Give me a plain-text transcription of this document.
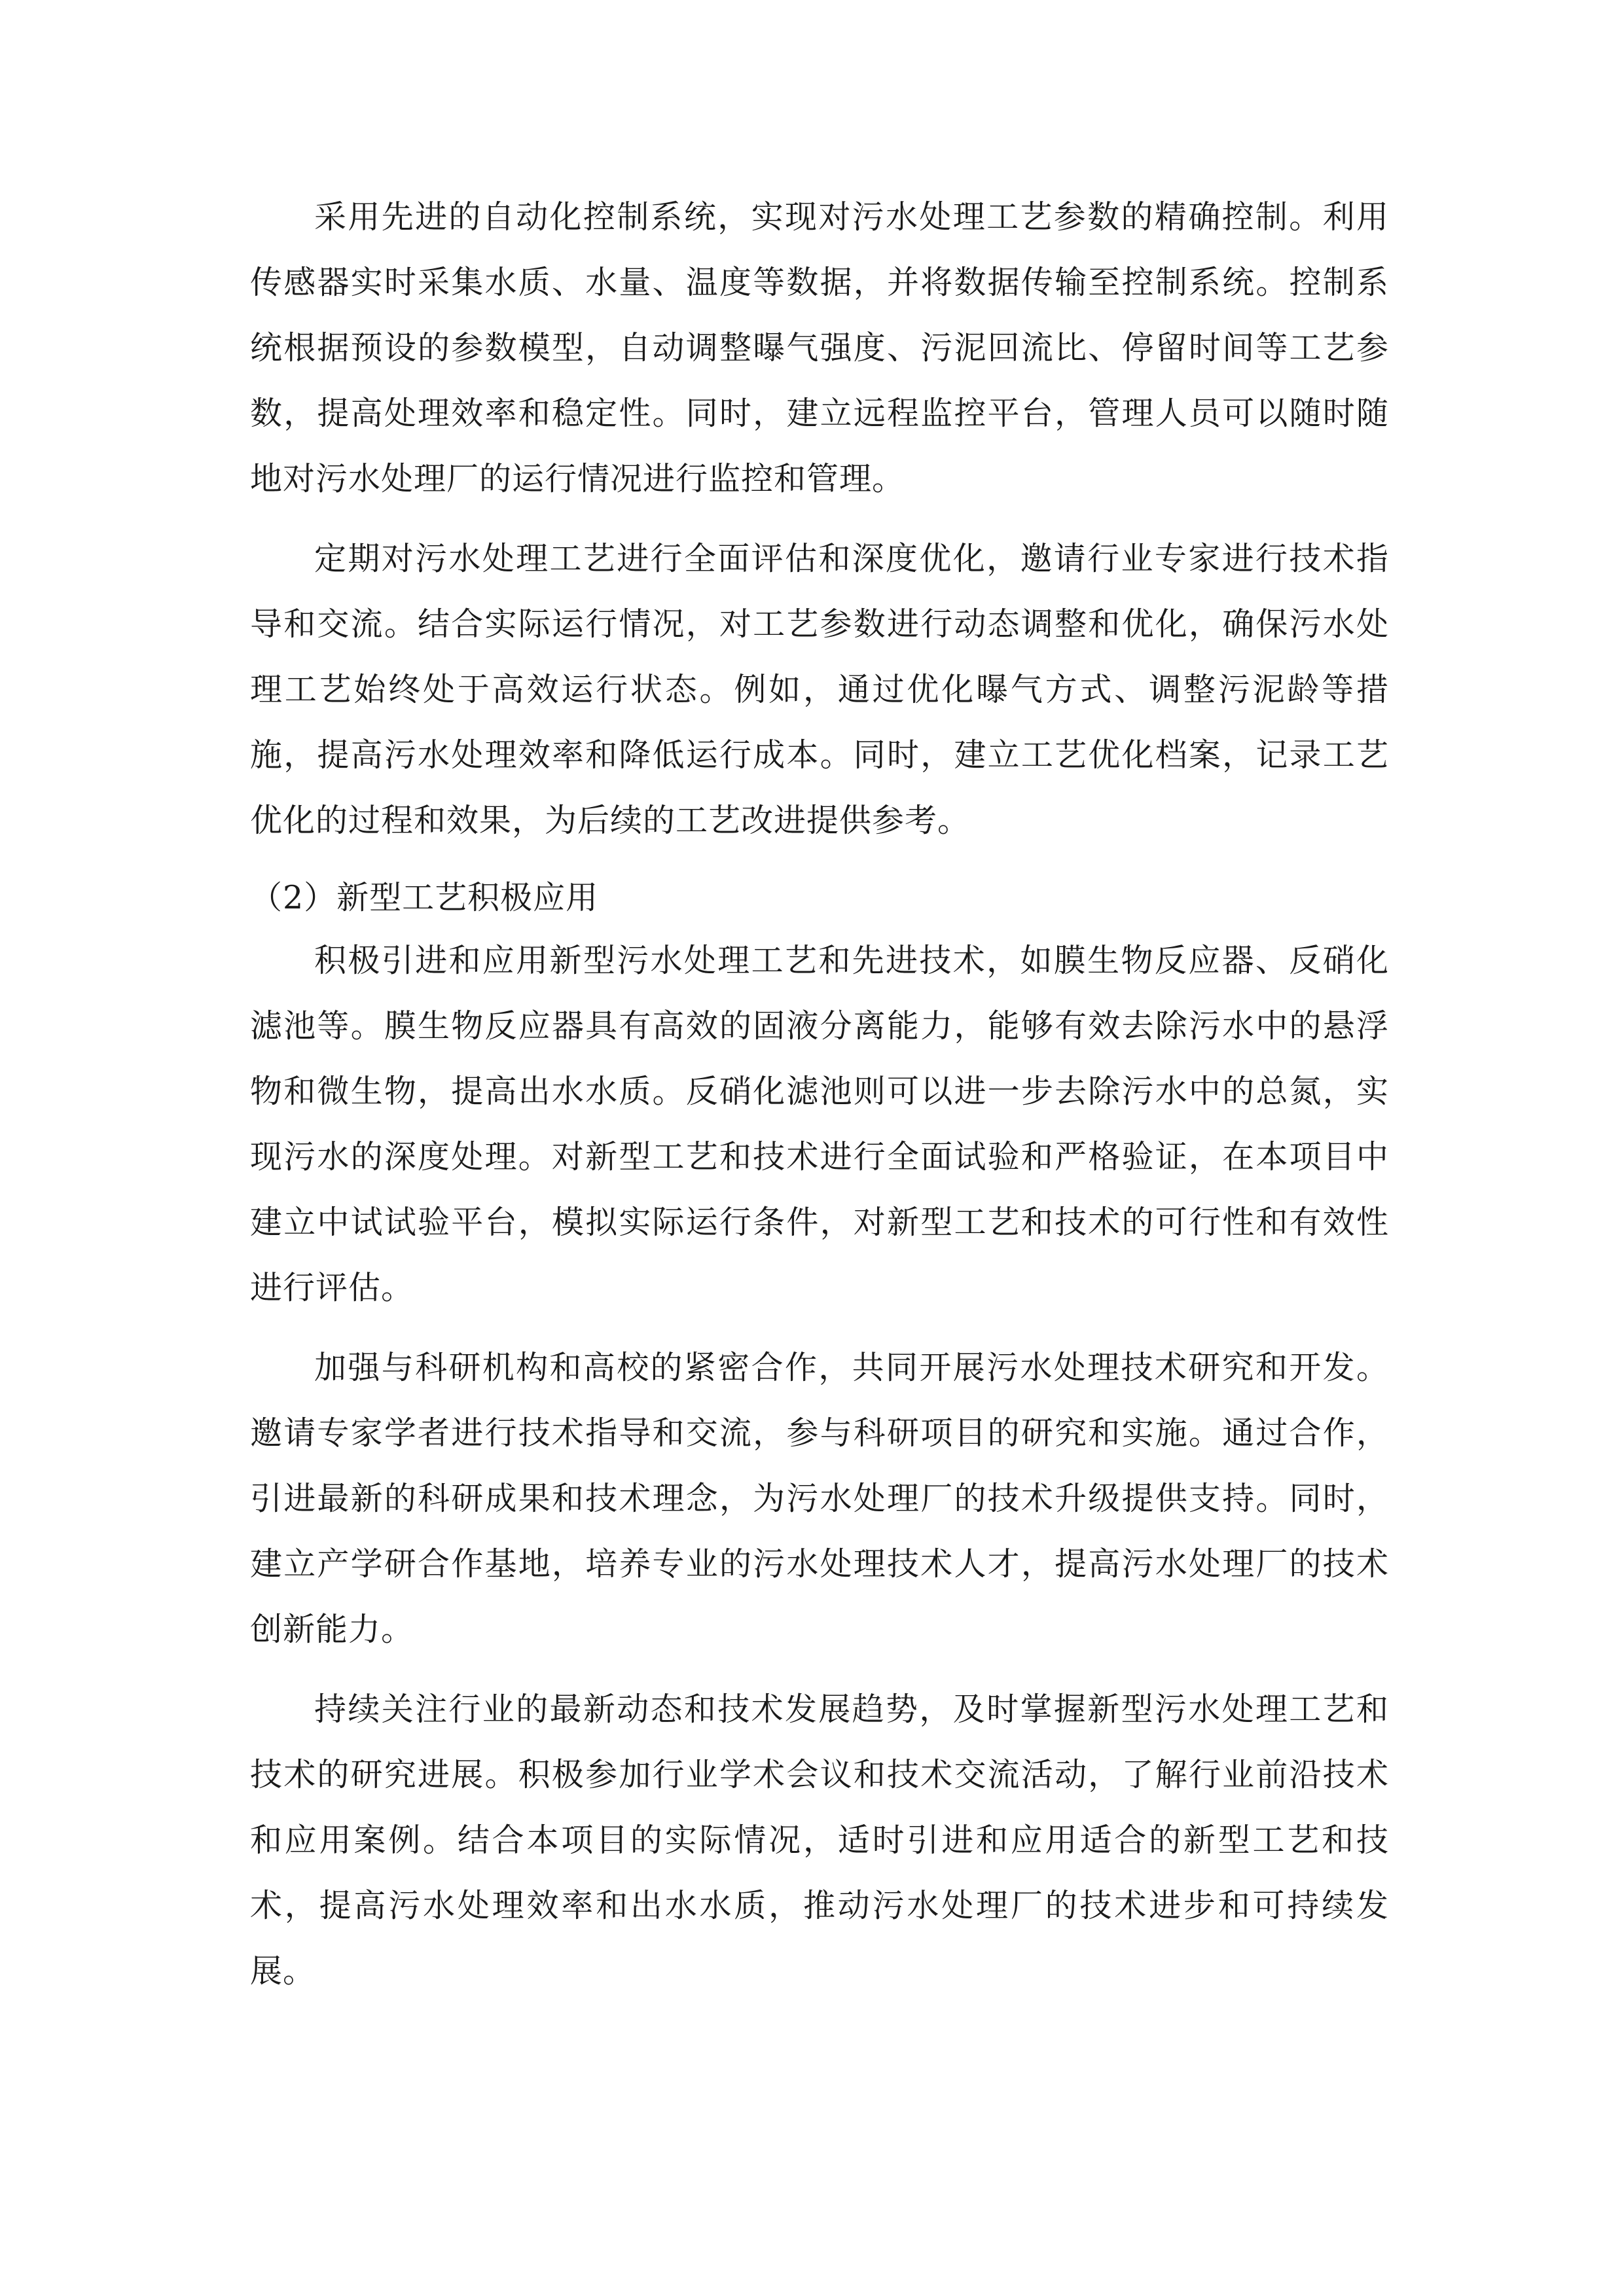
采用先进的自动化控制系统，实现对污水处理工艺参数的精确控制。利用传感器实时采集水质、水量、温度等数据，并将数据传输至控制系统。控制系统根据预设的参数模型，自动调整曝气强度、污泥回流比、停留时间等工艺参数，提高处理效率和稳定性。同时，建立远程监控平台，管理人员可以随时随地对污水处理厂的运行情况进行监控和管理。

定期对污水处理工艺进行全面评估和深度优化，邀请行业专家进行技术指导和交流。结合实际运行情况，对工艺参数进行动态调整和优化，确保污水处理工艺始终处于高效运行状态。例如，通过优化曝气方式、调整污泥龄等措施，提高污水处理效率和降低运行成本。同时，建立工艺优化档案，记录工艺优化的过程和效果，为后续的工艺改进提供参考。

（2）新型工艺积极应用

积极引进和应用新型污水处理工艺和先进技术，如膜生物反应器、反硝化滤池等。膜生物反应器具有高效的固液分离能力，能够有效去除污水中的悬浮物和微生物，提高出水水质。反硝化滤池则可以进一步去除污水中的总氮，实现污水的深度处理。对新型工艺和技术进行全面试验和严格验证，在本项目中建立中试试验平台，模拟实际运行条件，对新型工艺和技术的可行性和有效性进行评估。

加强与科研机构和高校的紧密合作，共同开展污水处理技术研究和开发。邀请专家学者进行技术指导和交流，参与科研项目的研究和实施。通过合作，引进最新的科研成果和技术理念，为污水处理厂的技术升级提供支持。同时，建立产学研合作基地，培养专业的污水处理技术人才，提高污水处理厂的技术创新能力。

持续关注行业的最新动态和技术发展趋势，及时掌握新型污水处理工艺和技术的研究进展。积极参加行业学术会议和技术交流活动，了解行业前沿技术和应用案例。结合本项目的实际情况，适时引进和应用适合的新型工艺和技术，提高污水处理效率和出水水质，推动污水处理厂的技术进步和可持续发展。
